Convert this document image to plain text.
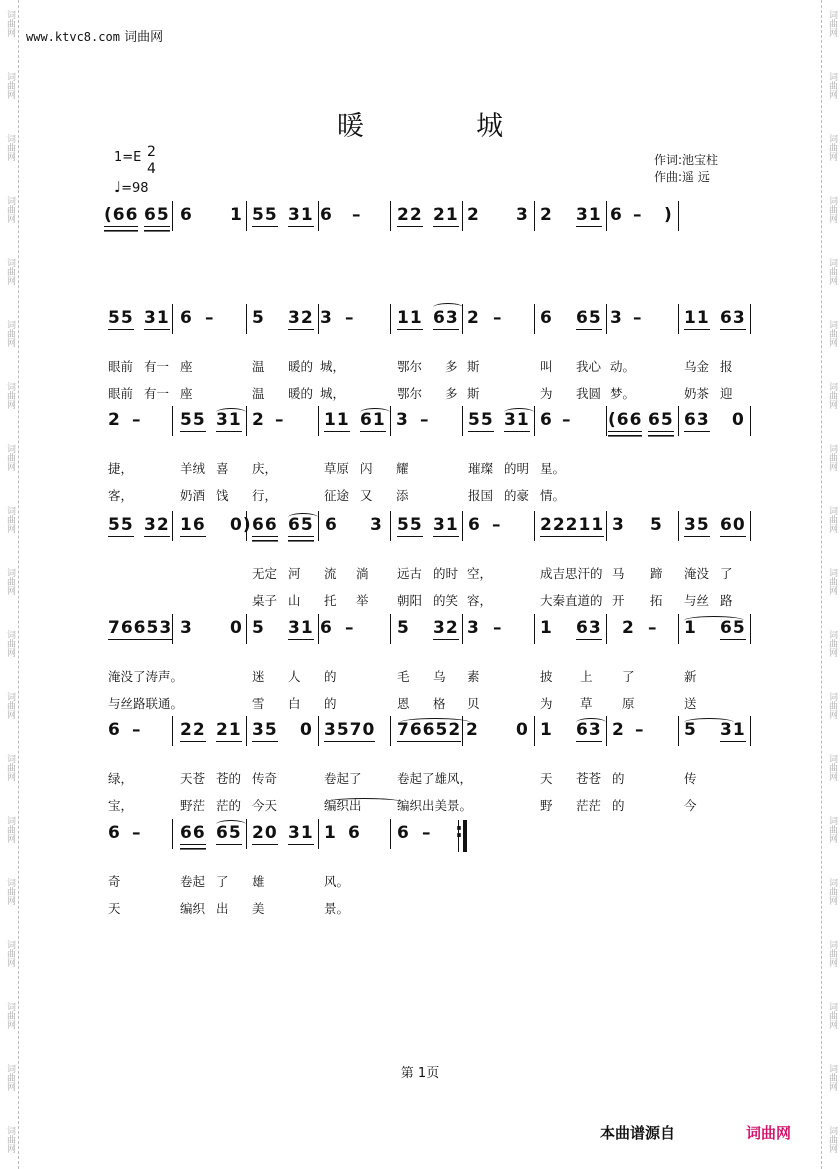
词曲网
词曲网
词曲网
词曲网
词曲网
词曲网
词曲网
词曲网
词曲网
词曲网
词曲网
词曲网
词曲网
词曲网
词曲网
词曲网
词曲网
词曲网
词曲网
词曲网
词曲网
词曲网
词曲网
词曲网
词曲网
词曲网
词曲网
词曲网
词曲网
词曲网
词曲网
词曲网
词曲网
词曲网
词曲网
词曲网
词曲网
词曲网
www.ktvc8.com 词曲网
暖	城
1=E 2
4
♩=98
作词:池宝柱
作曲:遥 远
(66 65 6 1 55 31 6 – 22 21 2 3 2 31 6 – )
55 31 6 – 5 32 3 –	11 63 2 – 6 65 3 – 11 63
眼前 有一 座	温 暖的 城，	鄂尔 多 斯	叫 我心 动。	乌金 报
眼前 有一 座	温 暖的 城，	鄂尔 多 斯	为 我圆 梦。	奶茶 迎
2 – 55 31 2 – 11 61 3 – 55 31 6 – (66 65 63 0
捷，	羊绒 喜 庆，	草原 闪 耀	璀璨 的明 星。
客，	奶酒 饯 行，	征途 又 添	报国 的豪 情。
55 32 16 0) 66 65 6 3 55 31 6 – 22211 3 5 35 60
无定 河 流 淌 远古 的时 空，	成吉思汗的 马 蹄 淹没 了
桌子 山 托 举 朝阳 的笑 容，	大秦直道的 开 拓 与丝 路
76653 3 0 5 31 6 –	5 32 3 – 1 63 2 – 1 65
淹没了涛声。	迷 人 的	毛 乌 素	披 上 了	新
与丝路联通。	雪 白 的	恩 格 贝	为 草 原	送
6 – 22 21 35 0 3570 76652 2 0 1 63 2 – 5 31
绿，	天苍 苍的 传奇	卷起了	卷起了雄风，	天 苍苍 的	传
宝，	野茫 茫的 今天	编织出	编织出美景。	野 茫茫 的	今
6 – 66 65 20 31 1 6 6 –
奇	卷起 了 雄	风。
天	编织 出 美	景。
:
第 1页
本曲谱源自	词曲网
